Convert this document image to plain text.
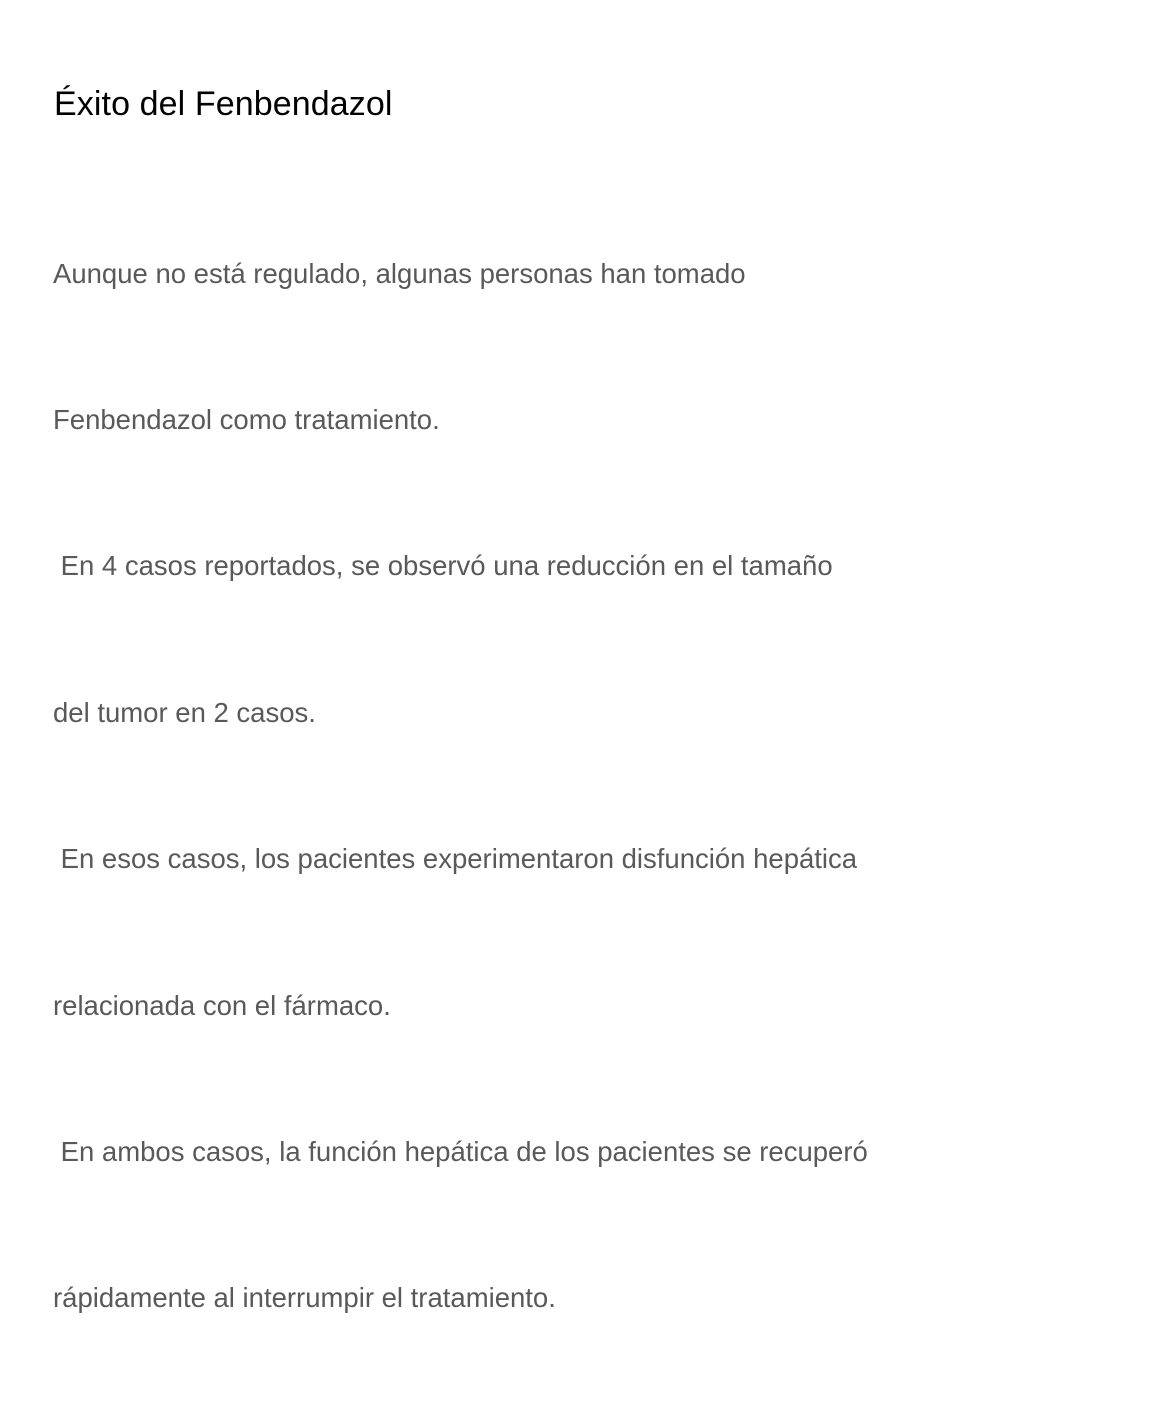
Éxito del Fenbendazol

Aunque no está regulado, algunas personas han tomado

Fenbendazol como tratamiento.

En 4 casos reportados, se observó una reducción en el tamaño

del tumor en 2 casos.

En esos casos, los pacientes experimentaron disfunción hepática

relacionada con el fármaco.

En ambos casos, la función hepática de los pacientes se recuperó

rápidamente al interrumpir el tratamiento.
